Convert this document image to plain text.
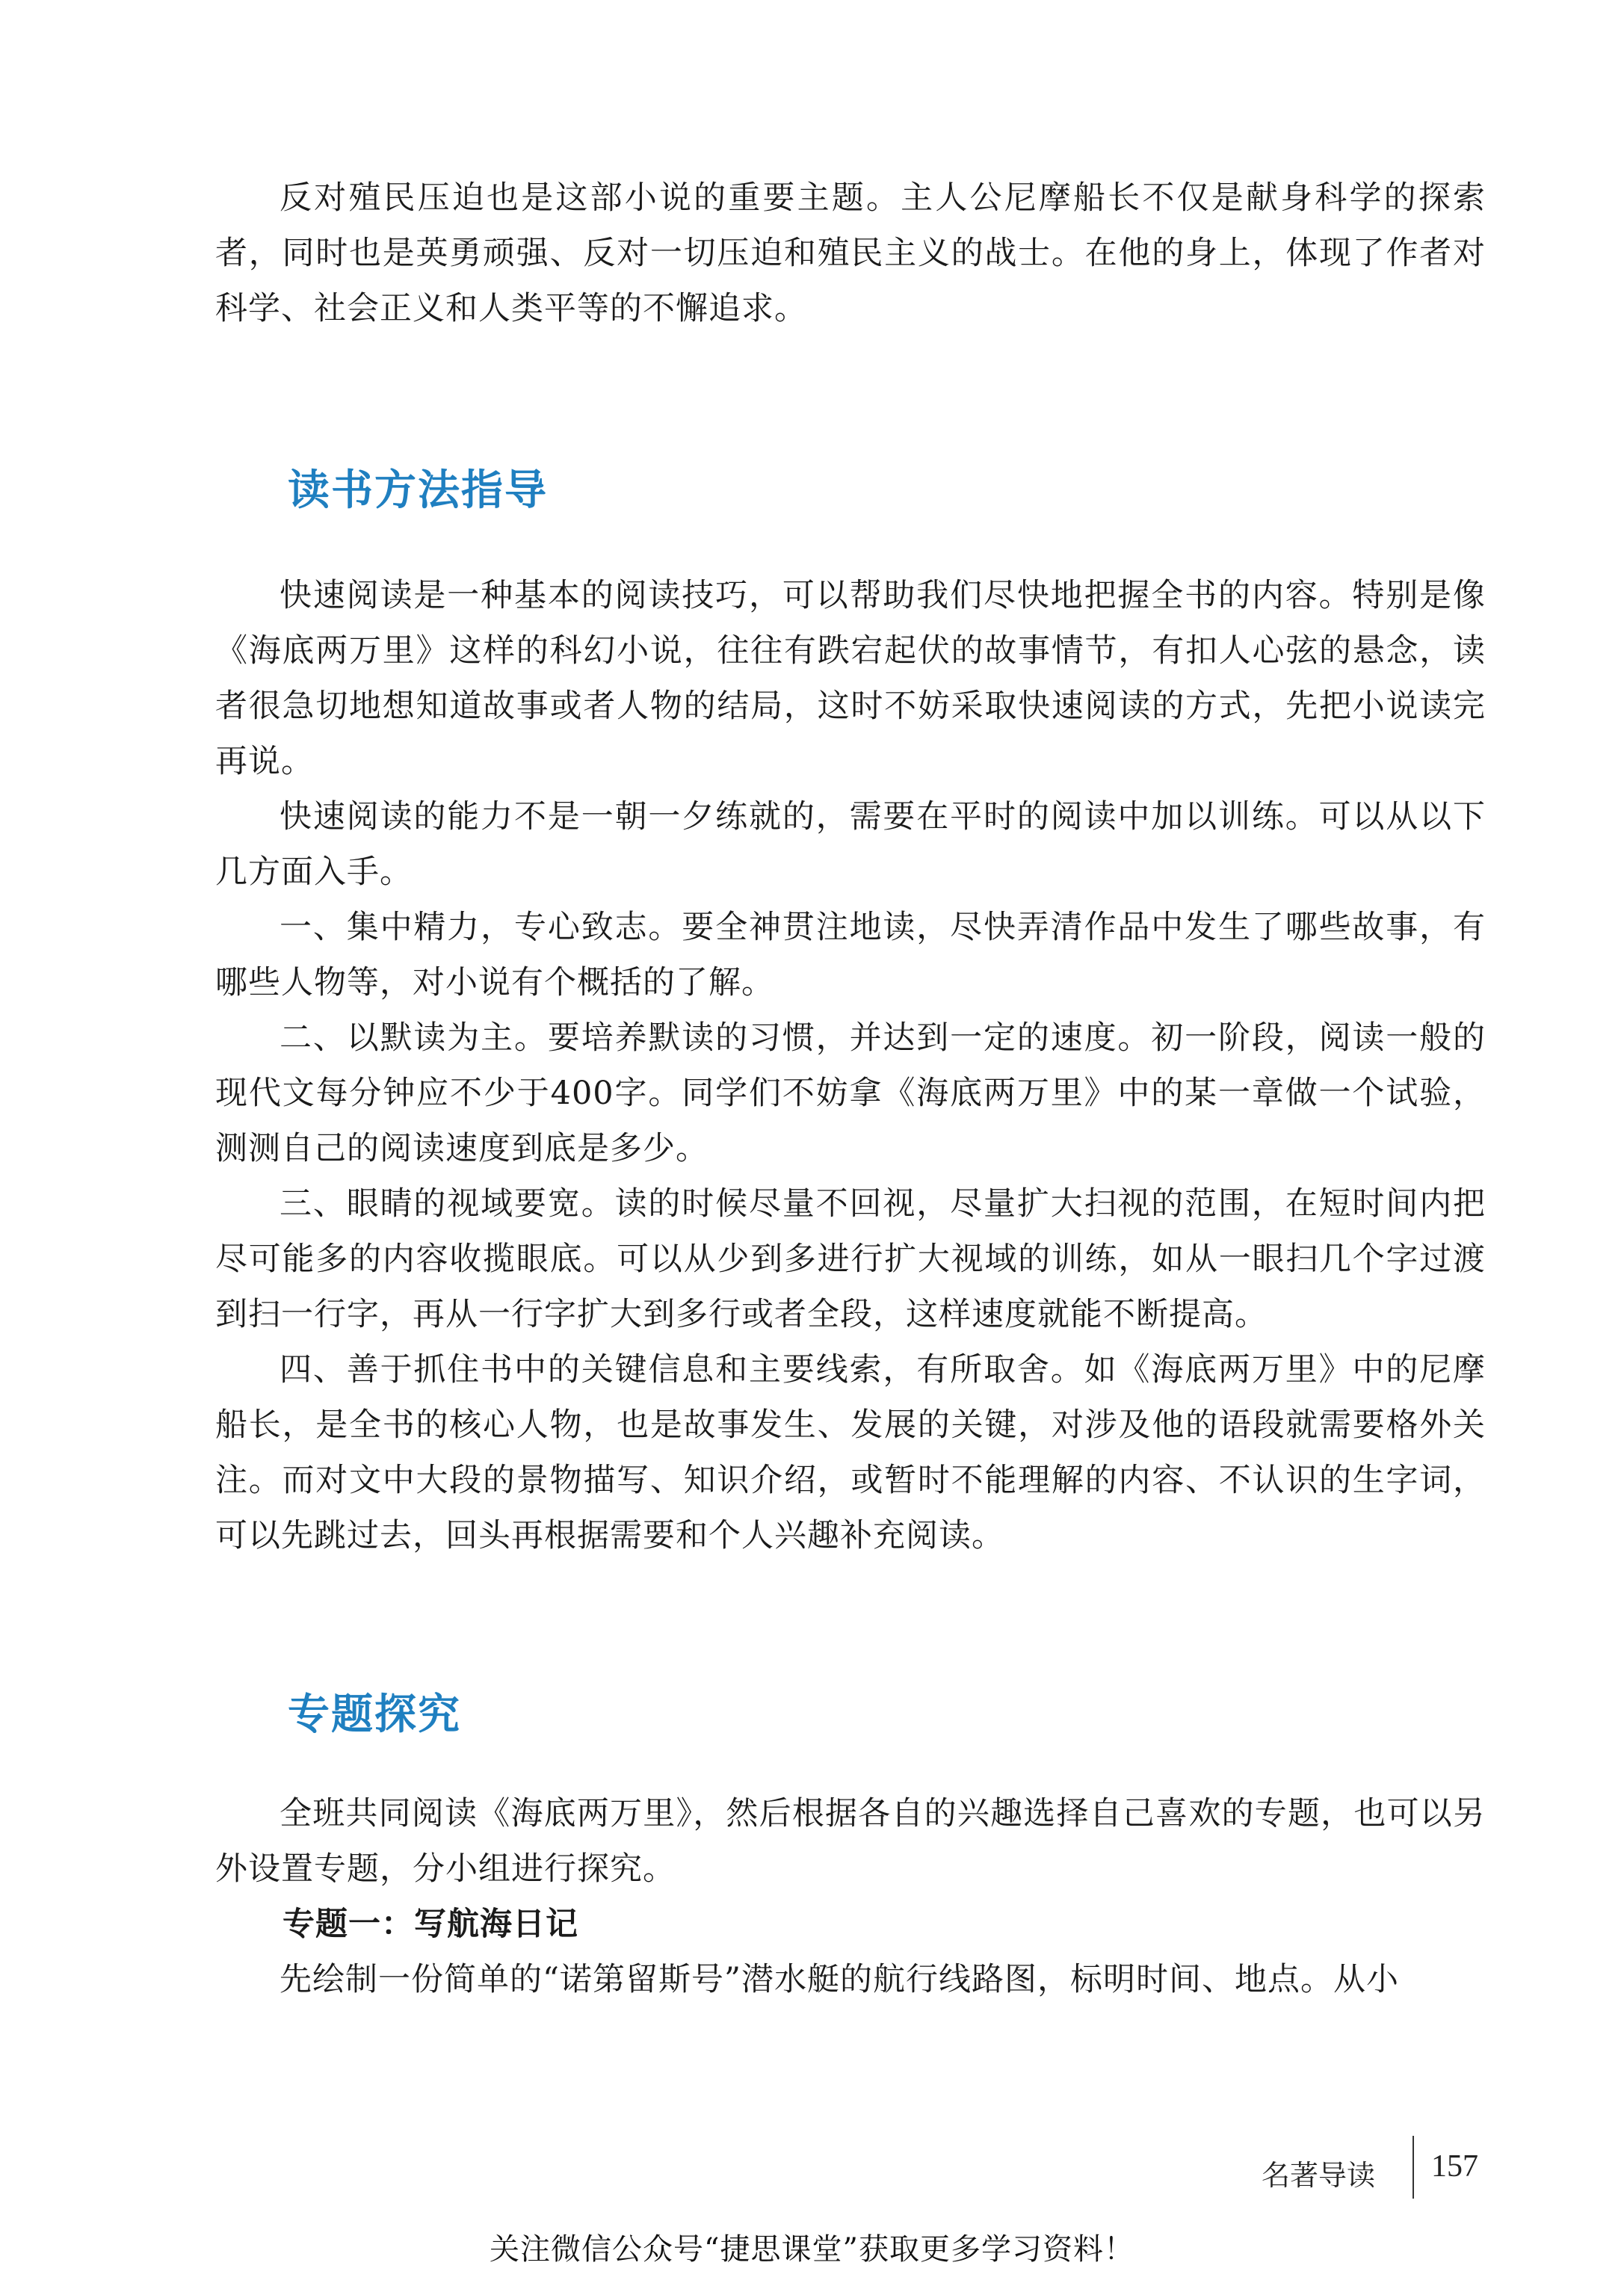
反对殖民压迫也是这部小说的重要主题。主人公尼摩船长不仅是献身科学的探索者，同时也是英勇顽强、反对一切压迫和殖民主义的战士。在他的身上，体现了作者对科学、社会正义和人类平等的不懈追求。

读书方法指导

快速阅读是一种基本的阅读技巧，可以帮助我们尽快地把握全书的内容。特别是像《海底两万里》这样的科幻小说，往往有跌宕起伏的故事情节，有扣人心弦的悬念，读者很急切地想知道故事或者人物的结局，这时不妨采取快速阅读的方式，先把小说读完再说。

快速阅读的能力不是一朝一夕练就的，需要在平时的阅读中加以训练。可以从以下几方面入手。

一、集中精力，专心致志。要全神贯注地读，尽快弄清作品中发生了哪些故事，有哪些人物等，对小说有个概括的了解。

二、以默读为主。要培养默读的习惯，并达到一定的速度。初一阶段，阅读一般的现代文每分钟应不少于400字。同学们不妨拿《海底两万里》中的某一章做一个试验，测测自己的阅读速度到底是多少。

三、眼睛的视域要宽。读的时候尽量不回视，尽量扩大扫视的范围，在短时间内把尽可能多的内容收揽眼底。可以从少到多进行扩大视域的训练，如从一眼扫几个字过渡到扫一行字，再从一行字扩大到多行或者全段，这样速度就能不断提高。

四、善于抓住书中的关键信息和主要线索，有所取舍。如《海底两万里》中的尼摩船长，是全书的核心人物，也是故事发生、发展的关键，对涉及他的语段就需要格外关注。而对文中大段的景物描写、知识介绍，或暂时不能理解的内容、不认识的生字词，可以先跳过去，回头再根据需要和个人兴趣补充阅读。

专题探究

全班共同阅读《海底两万里》，然后根据各自的兴趣选择自己喜欢的专题，也可以另外设置专题，分小组进行探究。

专题一：写航海日记

先绘制一份简单的“诺第留斯号”潜水艇的航行线路图，标明时间、地点。从小

名著导读 157
关注微信公众号“捷思课堂”获取更多学习资料！
